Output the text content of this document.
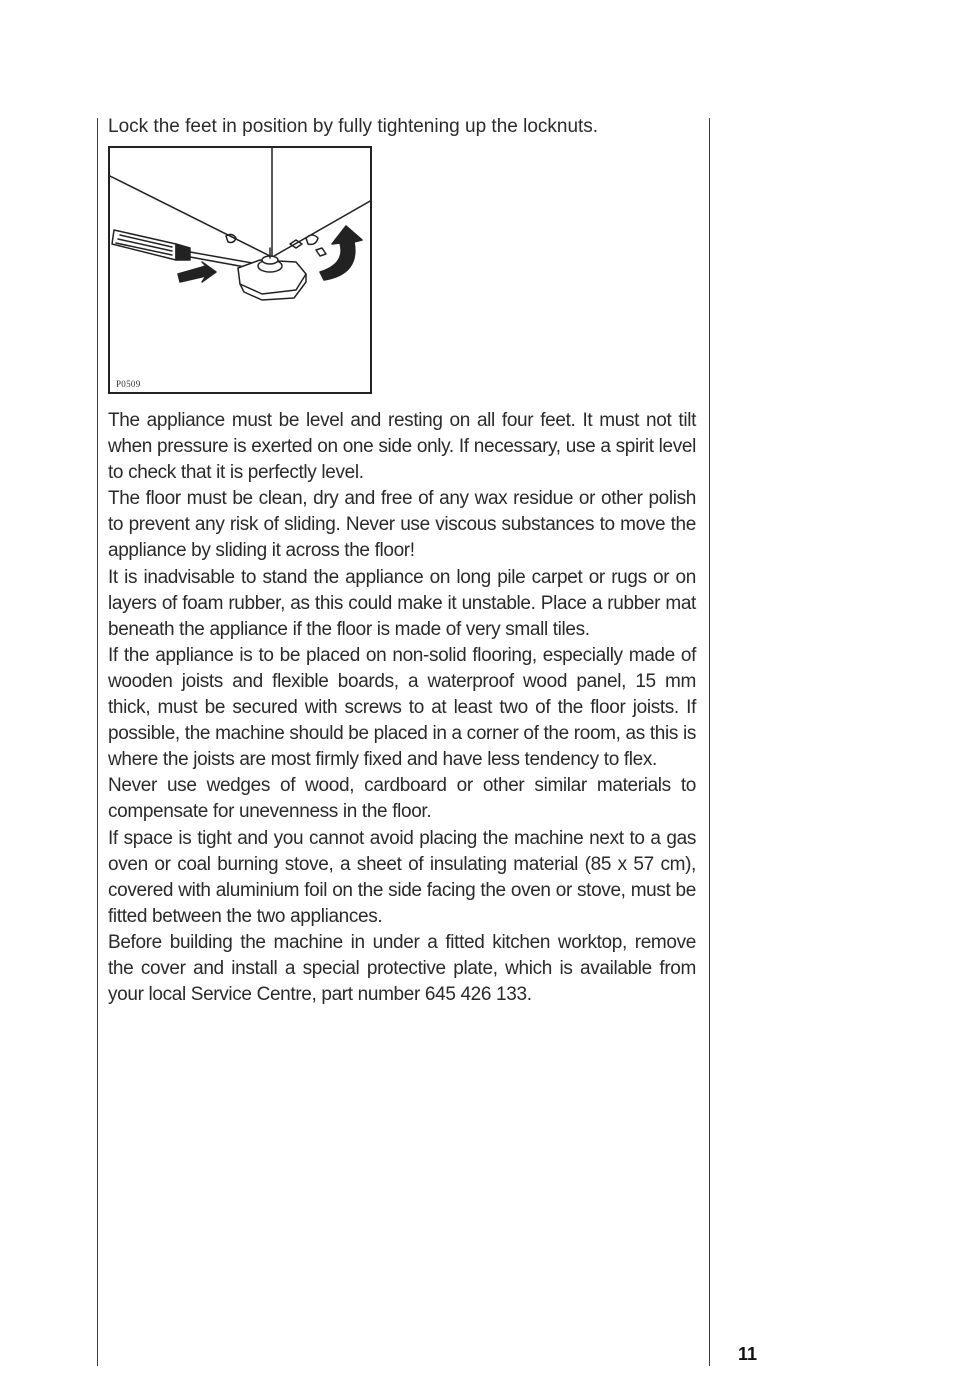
Lock the feet in position by fully tightening up the locknuts.

P0509

The appliance must be level and resting on all four feet. It must not tilt when pressure is exerted on one side only. If necessary, use a spirit level to check that it is perfectly level.

The floor must be clean, dry and free of any wax residue or other polish to prevent any risk of sliding. Never use viscous substances to move the appliance by sliding it across the floor!

It is inadvisable to stand the appliance on long pile carpet or rugs or on layers of foam rubber, as this could make it unstable. Place a rubber mat beneath the appliance if the floor is made of very small tiles.

If the appliance is to be placed on non-solid flooring, especially made of wooden joists and flexible boards, a waterproof wood panel, 15 mm thick, must be secured with screws to at least two of the floor joists. If possible, the machine should be placed in a corner of the room, as this is where the joists are most firmly fixed and have less tendency to flex.

Never use wedges of wood, cardboard or other similar materials to compensate for unevenness in the floor.

If space is tight and you cannot avoid placing the machine next to a gas oven or coal burning stove, a sheet of insulating material (85 x 57 cm), covered with aluminium foil on the side facing the oven or stove, must be fitted between the two appliances.

Before building the machine in under a fitted kitchen worktop, remove the cover and install a special protective plate, which is available from your local Service Centre, part number 645 426 133.

11
